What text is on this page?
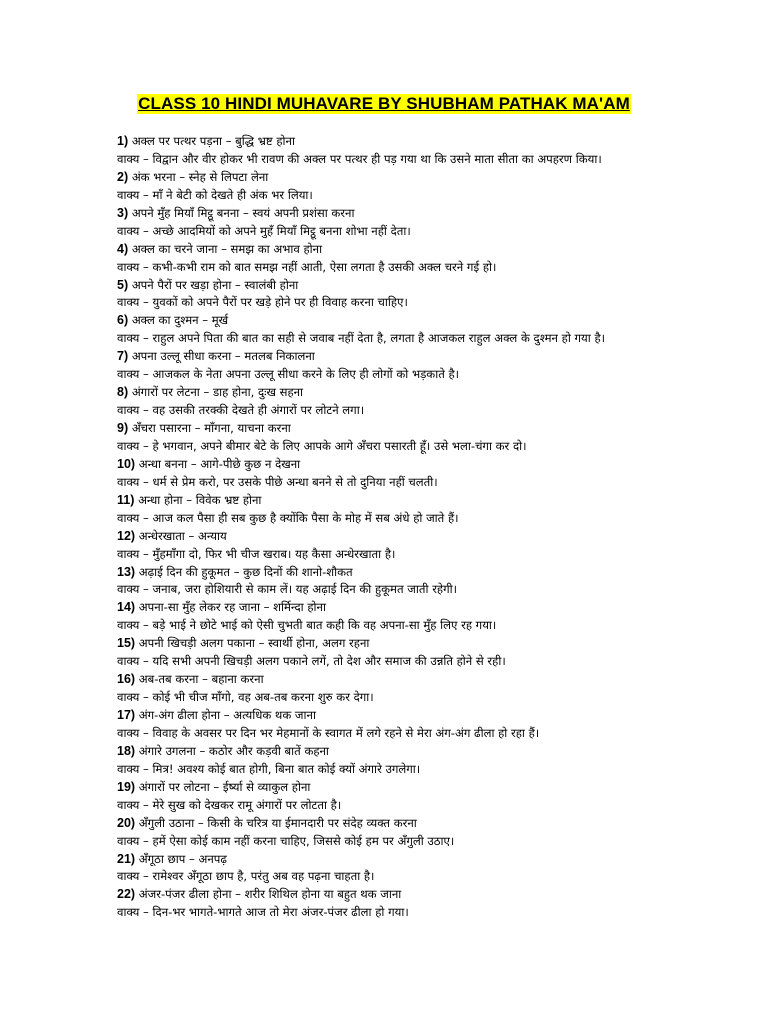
CLASS 10 HINDI MUHAVARE BY SHUBHAM PATHAK MA'AM
1) अक्ल पर पत्थर पड़ना – बुद्धि भ्रष्ट होना
वाक्य – विद्वान और वीर होकर भी रावण की अक्ल पर पत्थर ही पड़ गया था कि उसने माता सीता का अपहरण किया।
2) अंक भरना – स्नेह से लिपटा लेना
वाक्य – माँ ने बेटी को देखते ही अंक भर लिया।
3) अपने मुँह मियाँ मिट्ठू बनना – स्वयं अपनी प्रशंसा करना
वाक्य – अच्छे आदमियों को अपने मुहँ मियाँ मिट्ठू बनना शोभा नहीं देता।
4) अक्ल का चरने जाना – समझ का अभाव होना
वाक्य – कभी-कभी राम को बात समझ नहीं आती, ऐसा लगता है उसकी अक्ल चरने गई हो।
5) अपने पैरों पर खड़ा होना – स्वालंबी होना
वाक्य – युवकों को अपने पैरों पर खड़े होने पर ही विवाह करना चाहिए।
6) अक्ल का दुश्मन – मूर्ख
वाक्य – राहुल अपने पिता की बात का सही से जवाब नहीं देता है, लगता है आजकल राहुल अक्ल के दुश्मन हो गया है।
7) अपना उल्लू सीधा करना – मतलब निकालना
वाक्य – आजकल के नेता अपना उल्लू सीधा करने के लिए ही लोगों को भड़काते है।
8) अंगारों पर लेटना – डाह होना, दुःख सहना
वाक्य – वह उसकी तरक्की देखते ही अंगारों पर लोटने लगा।
9) अँचरा पसारना – माँगना, याचना करना
वाक्य – हे भगवान, अपने बीमार बेटे के लिए आपके आगे अँचरा पसारती हूँ। उसे भला-चंगा कर दो।
10) अन्धा बनना – आगे-पीछे कुछ न देखना
वाक्य – धर्म से प्रेम करो, पर उसके पीछे अन्धा बनने से तो दुनिया नहीं चलती।
11) अन्धा होना – विवेक भ्रष्ट होना
वाक्य – आज कल पैसा ही सब कुछ है क्योंकि पैसा के मोह में सब अंधे हो जाते हैं।
12) अन्धेरखाता – अन्याय
वाक्य – मुँहमाँगा दो, फिर भी चीज खराब। यह कैसा अन्धेरखाता है।
13) अढ़ाई दिन की हुकूमत – कुछ दिनों की शानो-शौकत
वाक्य – जनाब, जरा होशियारी से काम लें। यह अढ़ाई दिन की हुकूमत जाती रहेगी।
14) अपना-सा मुँह लेकर रह जाना – शर्मिन्दा होना
वाक्य – बड़े भाई ने छोटे भाई को ऐसी चुभती बात कही कि वह अपना-सा मुँह लिए रह गया।
15) अपनी खिचड़ी अलग पकाना – स्वार्थी होना, अलग रहना
वाक्य – यदि सभी अपनी खिचड़ी अलग पकाने लगें, तो देश और समाज की उन्नति होने से रही।
16) अब-तब करना – बहाना करना
वाक्य – कोई भी चीज माँगो, वह अब-तब करना शुरु कर देगा।
17) अंग-अंग ढीला होना – अत्यधिक थक जाना
वाक्य – विवाह के अवसर पर दिन भर मेहमानों के स्वागत में लगे रहने से मेरा अंग-अंग ढीला हो रहा हैं।
18) अंगारे उगलना – कठोर और कड़वी बातें कहना
वाक्य – मित्र! अवश्य कोई बात होगी, बिना बात कोई क्यों अंगारे उगलेगा।
19) अंगारों पर लोटना – ईर्ष्या से व्याकुल होना
वाक्य – मेरे सुख को देखकर रामू अंगारों पर लोटता है।
20) अँगुली उठाना – किसी के चरित्र या ईमानदारी पर संदेह व्यक्त करना
वाक्य – हमें ऐसा कोई काम नहीं करना चाहिए, जिससे कोई हम पर अँगुली उठाए।
21) अँगूठा छाप – अनपढ़
वाक्य – रामेश्वर अँगूठा छाप है, परंतु अब वह पढ़ना चाहता है।
22) अंजर-पंजर ढीला होना – शरीर शिथिल होना या बहुत थक जाना
वाक्य – दिन-भर भागते-भागते आज तो मेरा अंजर-पंजर ढीला हो गया।
